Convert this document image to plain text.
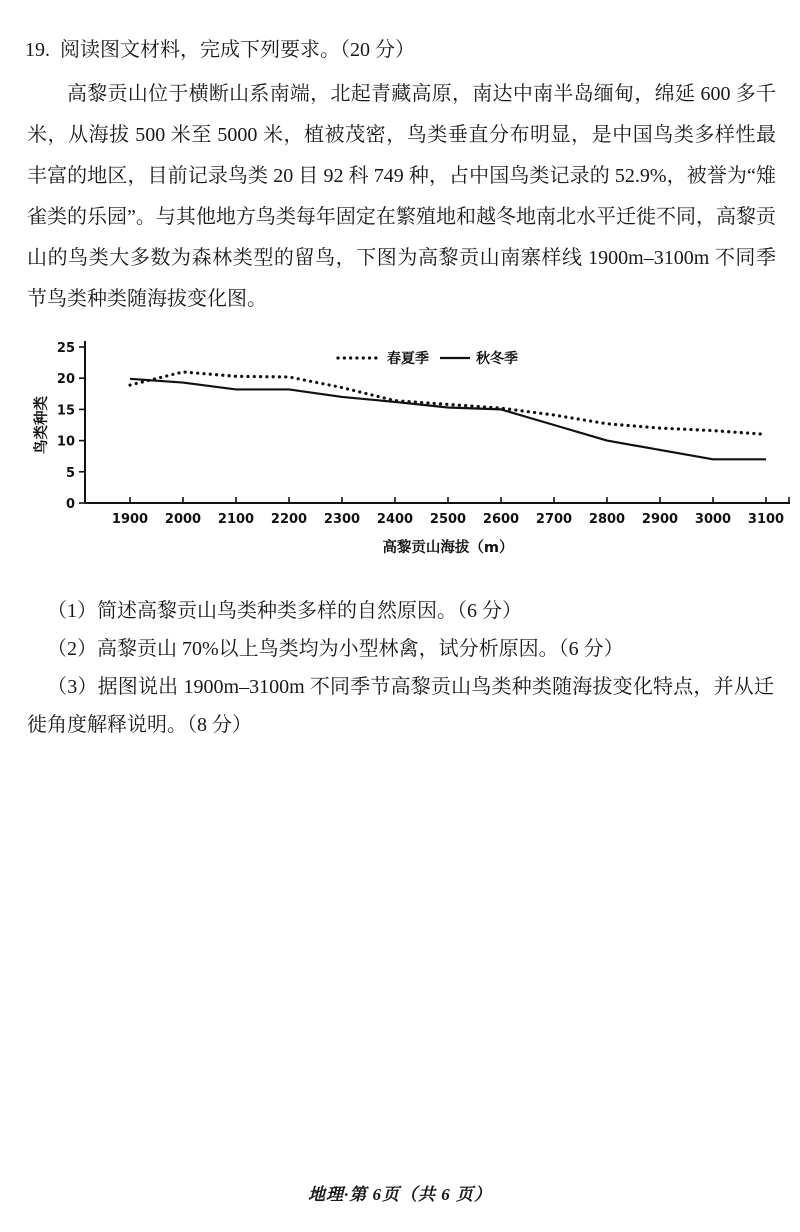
19. 阅读图文材料，完成下列要求。（20 分）

高黎贡山位于横断山系南端，北起青藏高原，南达中南半岛缅甸，绵延 600 多千米，从海拔 500 米至 5000 米，植被茂密，鸟类垂直分布明显，是中国鸟类多样性最丰富的地区，目前记录鸟类 20 目 92 科 749 种，占中国鸟类记录的 52.9%，被誉为“雉雀类的乐园”。与其他地方鸟类每年固定在繁殖地和越冬地南北水平迁徙不同，高黎贡山的鸟类大多数为森林类型的留鸟，下图为高黎贡山南寨样线 1900m–3100m 不同季节鸟类种类随海拔变化图。

0
5
10
15
20
25
1900 2000 2100 2200 2300 2400 2500 2600 2700 2800 2900 3000 3100
鸟类种类
高黎贡山海拔（m）
春夏季	秋冬季

（1）简述高黎贡山鸟类种类多样的自然原因。（6 分）

（2）高黎贡山 70%以上鸟类均为小型林禽，试分析原因。（6 分）

（3）据图说出 1900m–3100m 不同季节高黎贡山鸟类种类随海拔变化特点，并从迁徙角度解释说明。（8 分）

地理·第 6页（共 6 页）
